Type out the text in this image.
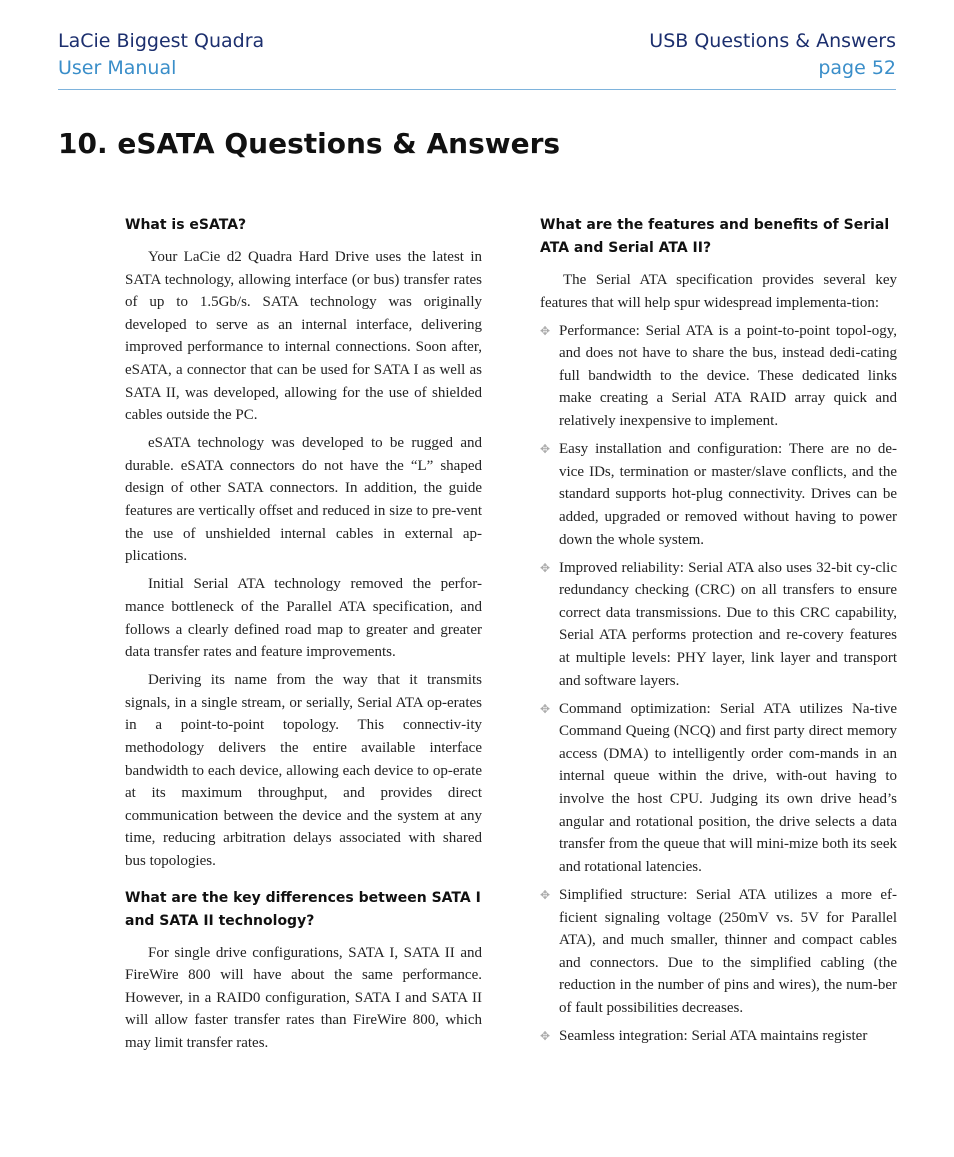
LaCie Biggest Quadra
User Manual
USB Questions & Answers
page 52
10. eSATA Questions & Answers

What is eSATA?

Your LaCie d2 Quadra Hard Drive uses the latest in SATA technology, allowing interface (or bus) transfer rates of up to 1.5Gb/s. SATA technology was originally developed to serve as an internal interface, delivering improved performance to internal connections. Soon after, eSATA, a connector that can be used for SATA I as well as SATA II, was developed, allowing for the use of shielded cables outside the PC.

eSATA technology was developed to be rugged and durable. eSATA connectors do not have the “L” shaped design of other SATA connectors. In addition, the guide features are vertically offset and reduced in size to pre-vent the use of unshielded internal cables in external ap-plications.

Initial Serial ATA technology removed the perfor-mance bottleneck of the Parallel ATA specification, and follows a clearly defined road map to greater and greater data transfer rates and feature improvements.

Deriving its name from the way that it transmits signals, in a single stream, or serially, Serial ATA op-erates in a point-to-point topology. This connectiv-ity methodology delivers the entire available interface bandwidth to each device, allowing each device to op-erate at its maximum throughput, and provides direct communication between the device and the system at any time, reducing arbitration delays associated with shared bus topologies.

What are the key differences between SATA I and SATA II technology?

For single drive configurations, SATA I, SATA II and FireWire 800 will have about the same performance. However, in a RAID0 configuration, SATA I and SATA II will allow faster transfer rates than FireWire 800, which may limit transfer rates.

What are the features and benefits of Serial ATA and Serial ATA II?

The Serial ATA specification provides several key features that will help spur widespread implementa-tion:

✥ Performance: Serial ATA is a point-to-point topol-ogy, and does not have to share the bus, instead dedi-cating full bandwidth to the device. These dedicated links make creating a Serial ATA RAID array quick and relatively inexpensive to implement.
✥ Easy installation and configuration: There are no de-vice IDs, termination or master/slave conflicts, and the standard supports hot-plug connectivity. Drives can be added, upgraded or removed without having to power down the whole system.
✥ Improved reliability: Serial ATA also uses 32-bit cy-clic redundancy checking (CRC) on all transfers to ensure correct data transmissions. Due to this CRC capability, Serial ATA performs protection and re-covery features at multiple levels: PHY layer, link layer and transport and software layers.
✥ Command optimization: Serial ATA utilizes Na-tive Command Queing (NCQ) and first party direct memory access (DMA) to intelligently order com-mands in an internal queue within the drive, with-out having to involve the host CPU. Judging its own drive head’s angular and rotational position, the drive selects a data transfer from the queue that will mini-mize both its seek and rotational latencies.
✥ Simplified structure: Serial ATA utilizes a more ef-ficient signaling voltage (250mV vs. 5V for Parallel ATA), and much smaller, thinner and compact cables and connectors. Due to the simplified cabling (the reduction in the number of pins and wires), the num-ber of fault possibilities decreases.
✥ Seamless integration: Serial ATA maintains register
